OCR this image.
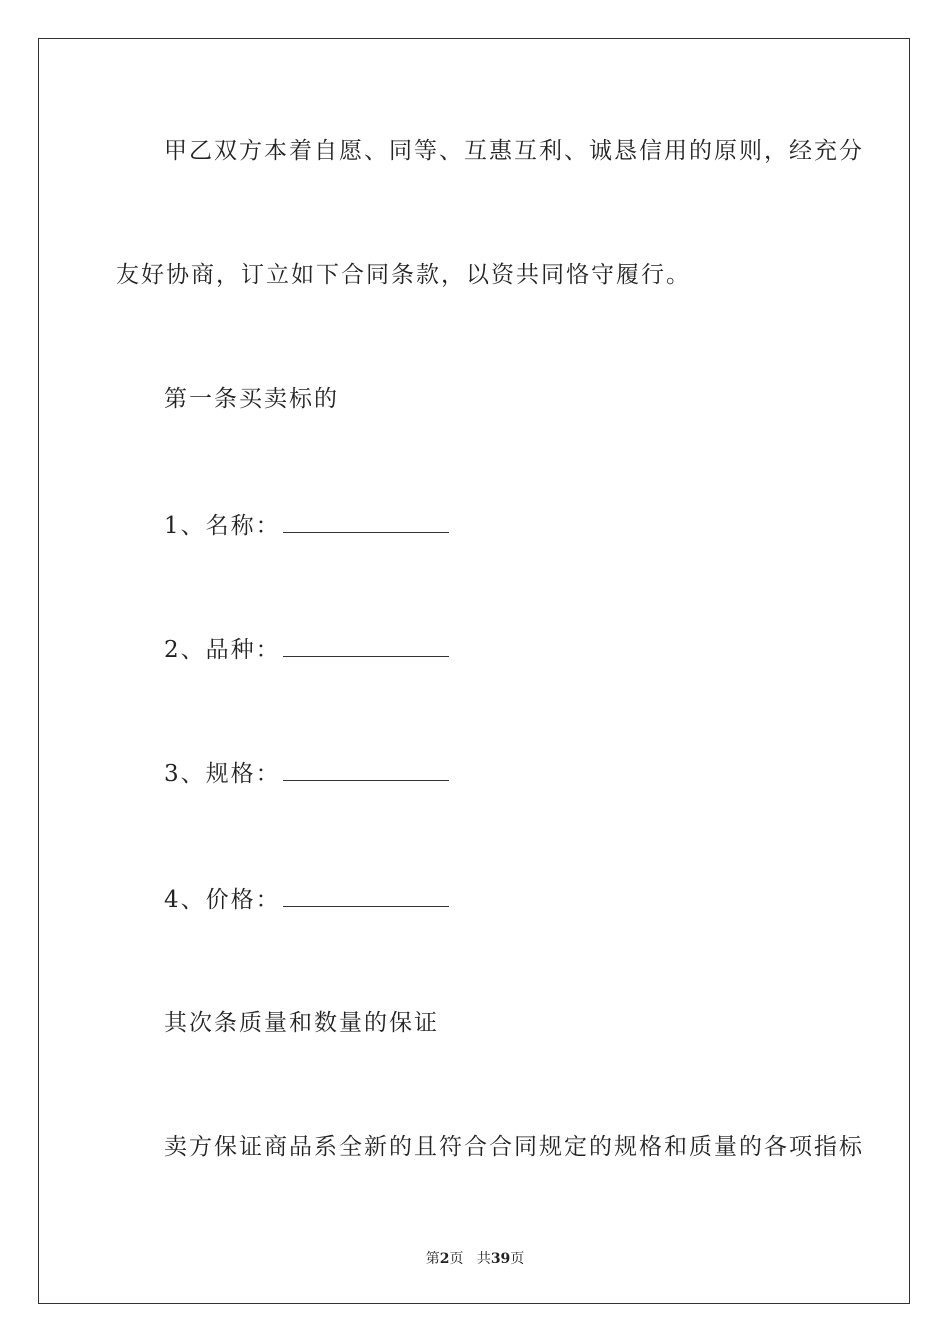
甲乙双方本着自愿、同等、互惠互利、诚恳信用的原则，经充分
友好协商，订立如下合同条款，以资共同恪守履行。
第一条买卖标的
1、名称：
2、品种：
3、规格：
4、价格：
其次条质量和数量的保证
卖方保证商品系全新的且符合合同规定的规格和质量的各项指标
第2页 共39页
